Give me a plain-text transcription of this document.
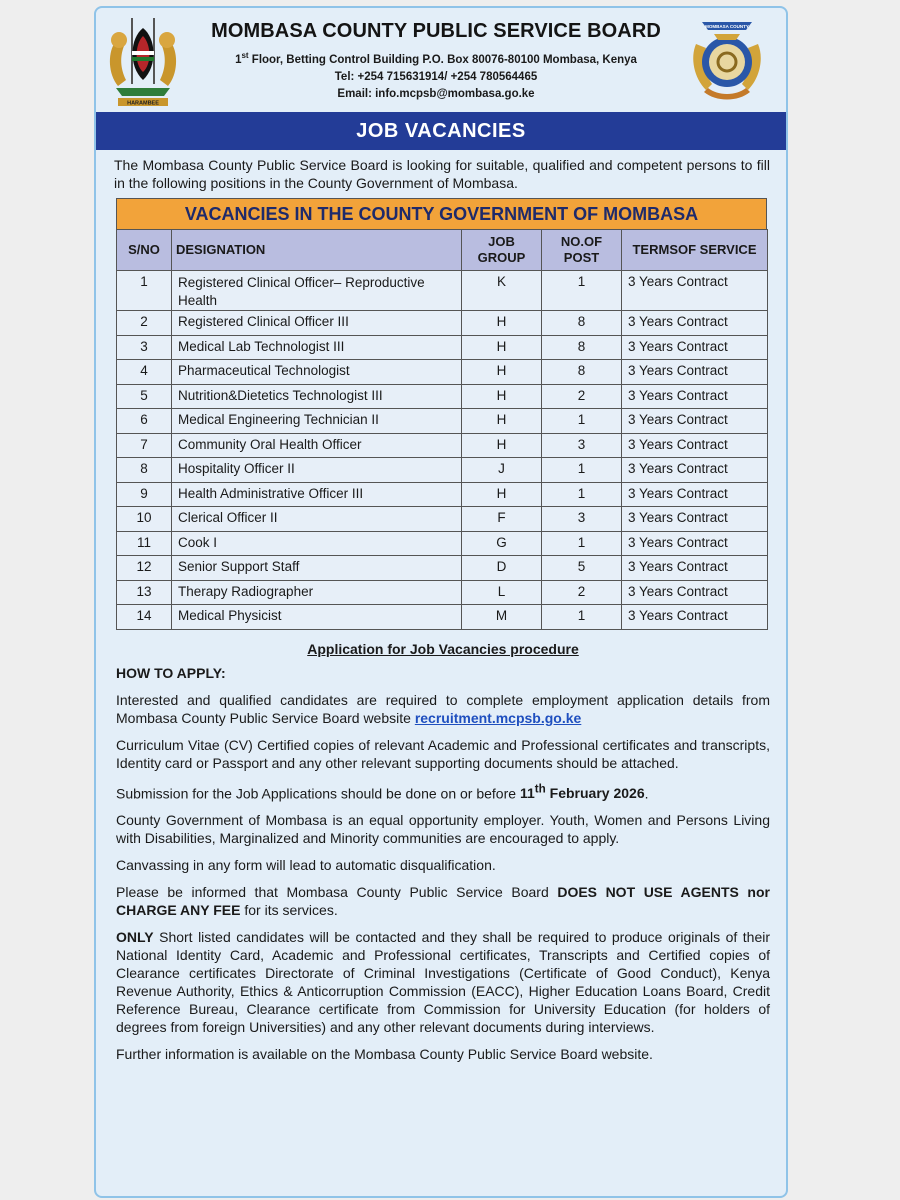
HARAMBEE
MOMBASA COUNTY PUBLIC SERVICE BOARD
1st Floor, Betting Control Building P.O. Box 80076-80100 Mombasa, Kenya
Tel: +254 715631914/ +254 780564465
Email: info.mcpsb@mombasa.go.ke
MOMBASA COUNTY
JOB VACANCIES
The Mombasa County Public Service Board is looking for suitable, qualified and competent persons to fill in the following positions in the County Government of Mombasa.
VACANCIES IN THE COUNTY GOVERNMENT OF MOMBASA
S/NO	DESIGNATION	JOB GROUP	NO.OF POST	TERMSOF SERVICE
1	Registered Clinical Officer– Reproductive Health	K	1	3 Years Contract
2	Registered Clinical Officer III	H	8	3 Years Contract
3	Medical Lab Technologist III	H	8	3 Years Contract
4	Pharmaceutical Technologist	H	8	3 Years Contract
5	Nutrition&Dietetics Technologist III	H	2	3 Years Contract
6	Medical Engineering Technician II	H	1	3 Years Contract
7	Community Oral Health Officer	H	3	3 Years Contract
8	Hospitality Officer II	J	1	3 Years Contract
9	Health Administrative Officer III	H	1	3 Years Contract
10	Clerical Officer II	F	3	3 Years Contract
11	Cook I	G	1	3 Years Contract
12	Senior Support Staff	D	5	3 Years Contract
13	Therapy Radiographer	L	2	3 Years Contract
14	Medical Physicist	M	1	3 Years Contract
Application for Job Vacancies procedure
HOW TO APPLY:

Interested and qualified candidates are required to complete employment application details from Mombasa County Public Service Board website recruitment.mcpsb.go.ke

Curriculum Vitae (CV) Certified copies of relevant Academic and Professional certificates and transcripts, Identity card or Passport and any other relevant supporting documents should be attached.

Submission for the Job Applications should be done on or before 11th February 2026.

County Government of Mombasa is an equal opportunity employer. Youth, Women and Persons Living with Disabilities, Marginalized and Minority communities are encouraged to apply.

Canvassing in any form will lead to automatic disqualification.

Please be informed that Mombasa County Public Service Board DOES NOT USE AGENTS nor CHARGE ANY FEE for its services.

ONLY Short listed candidates will be contacted and they shall be required to produce originals of their National Identity Card, Academic and Professional certificates, Transcripts and Certified copies of Clearance certificates Directorate of Criminal Investigations (Certificate of Good Conduct), Kenya Revenue Authority, Ethics & Anticorruption Commission (EACC), Higher Education Loans Board, Credit Reference Bureau, Clearance certificate from Commission for University Education (for holders of degrees from foreign Universities) and any other relevant documents during interviews.

Further information is available on the Mombasa County Public Service Board website.
